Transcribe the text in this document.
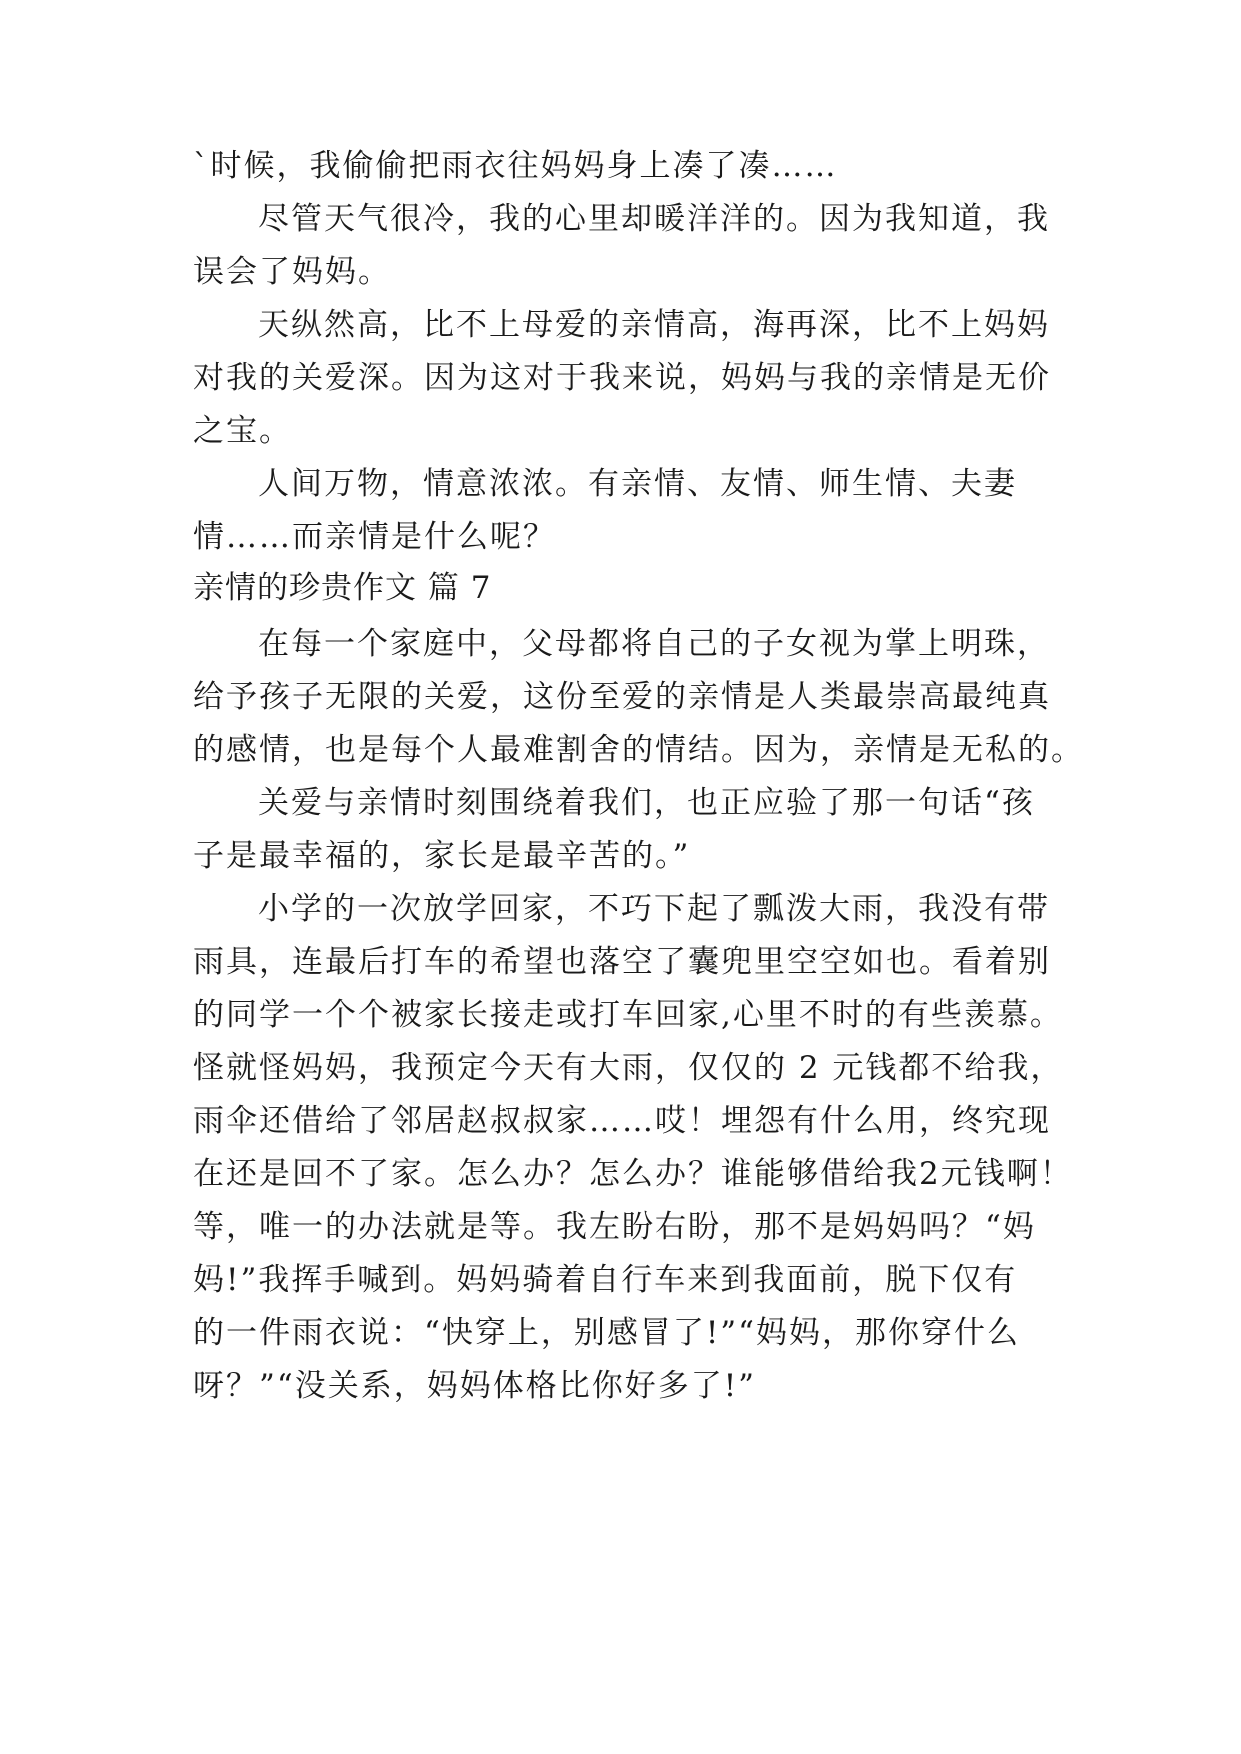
`时候，我偷偷把雨衣往妈妈身上凑了凑……
尽管天气很冷，我的心里却暖洋洋的。因为我知道，我
误会了妈妈。
天纵然高，比不上母爱的亲情高，海再深，比不上妈妈
对我的关爱深。因为这对于我来说，妈妈与我的亲情是无价
之宝。
人间万物，情意浓浓。有亲情、友情、师生情、夫妻
情……而亲情是什么呢？
亲情的珍贵作文 篇 7
在每一个家庭中，父母都将自己的子女视为掌上明珠，
给予孩子无限的关爱，这份至爱的亲情是人类最崇高最纯真
的感情，也是每个人最难割舍的情结。因为，亲情是无私的。
关爱与亲情时刻围绕着我们，也正应验了那一句话“孩
子是最幸福的，家长是最辛苦的。”
小学的一次放学回家，不巧下起了瓢泼大雨，我没有带
雨具，连最后打车的希望也落空了囊兜里空空如也。看着别
的同学一个个被家长接走或打车回家,心里不时的有些羡慕。
怪就怪妈妈，我预定今天有大雨，仅仅的 2 元钱都不给我，
雨伞还借给了邻居赵叔叔家……哎！埋怨有什么用，终究现
在还是回不了家。怎么办？怎么办？谁能够借给我2元钱啊！
等，唯一的办法就是等。我左盼右盼，那不是妈妈吗？“妈
妈!”我挥手喊到。妈妈骑着自行车来到我面前，脱下仅有
的一件雨衣说：“快穿上，别感冒了!”“妈妈，那你穿什么
呀？”“没关系，妈妈体格比你好多了!”
